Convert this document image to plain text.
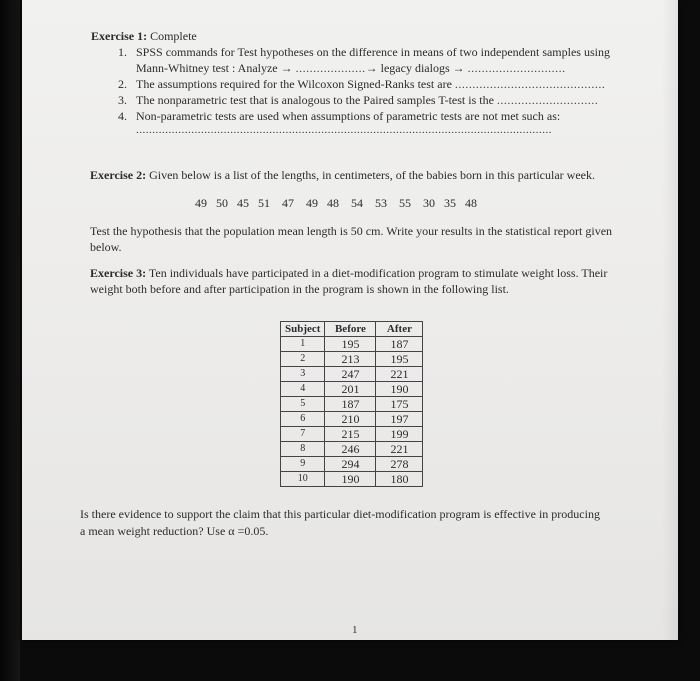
Exercise 1: Complete
1. SPSS commands for Test hypotheses on the difference in means of two independent samples using
Mann-Whitney test : Analyze → ....................→ legacy dialogs → ............................
2. The assumptions required for the Wilcoxon Signed-Ranks test are ...........................................
3. The nonparametric test that is analogous to the Paired samples T-test is the .............................
4. Non-parametric tests are used when assumptions of parametric tests are not met such as:
................................................................................................................................
Exercise 2: Given below is a list of the lengths, in centimeters, of the babies born in this particular week.
49   50   45   51    47    49   48    54    53    55    30   35   48
Test the hypothesis that the population mean length is 50 cm. Write your results in the statistical report given
below.
Exercise 3: Ten individuals have participated in a diet-modification program to stimulate weight loss. Their
weight both before and after participation in the program is shown in the following list.
Subject	Before	After
1	195	187
2	213	195
3	247	221
4	201	190
5	187	175
6	210	197
7	215	199
8	246	221
9	294	278
10	190	180
Is there evidence to support the claim that this particular diet-modification program is effective in producing
a mean weight reduction? Use α =0.05.
1
